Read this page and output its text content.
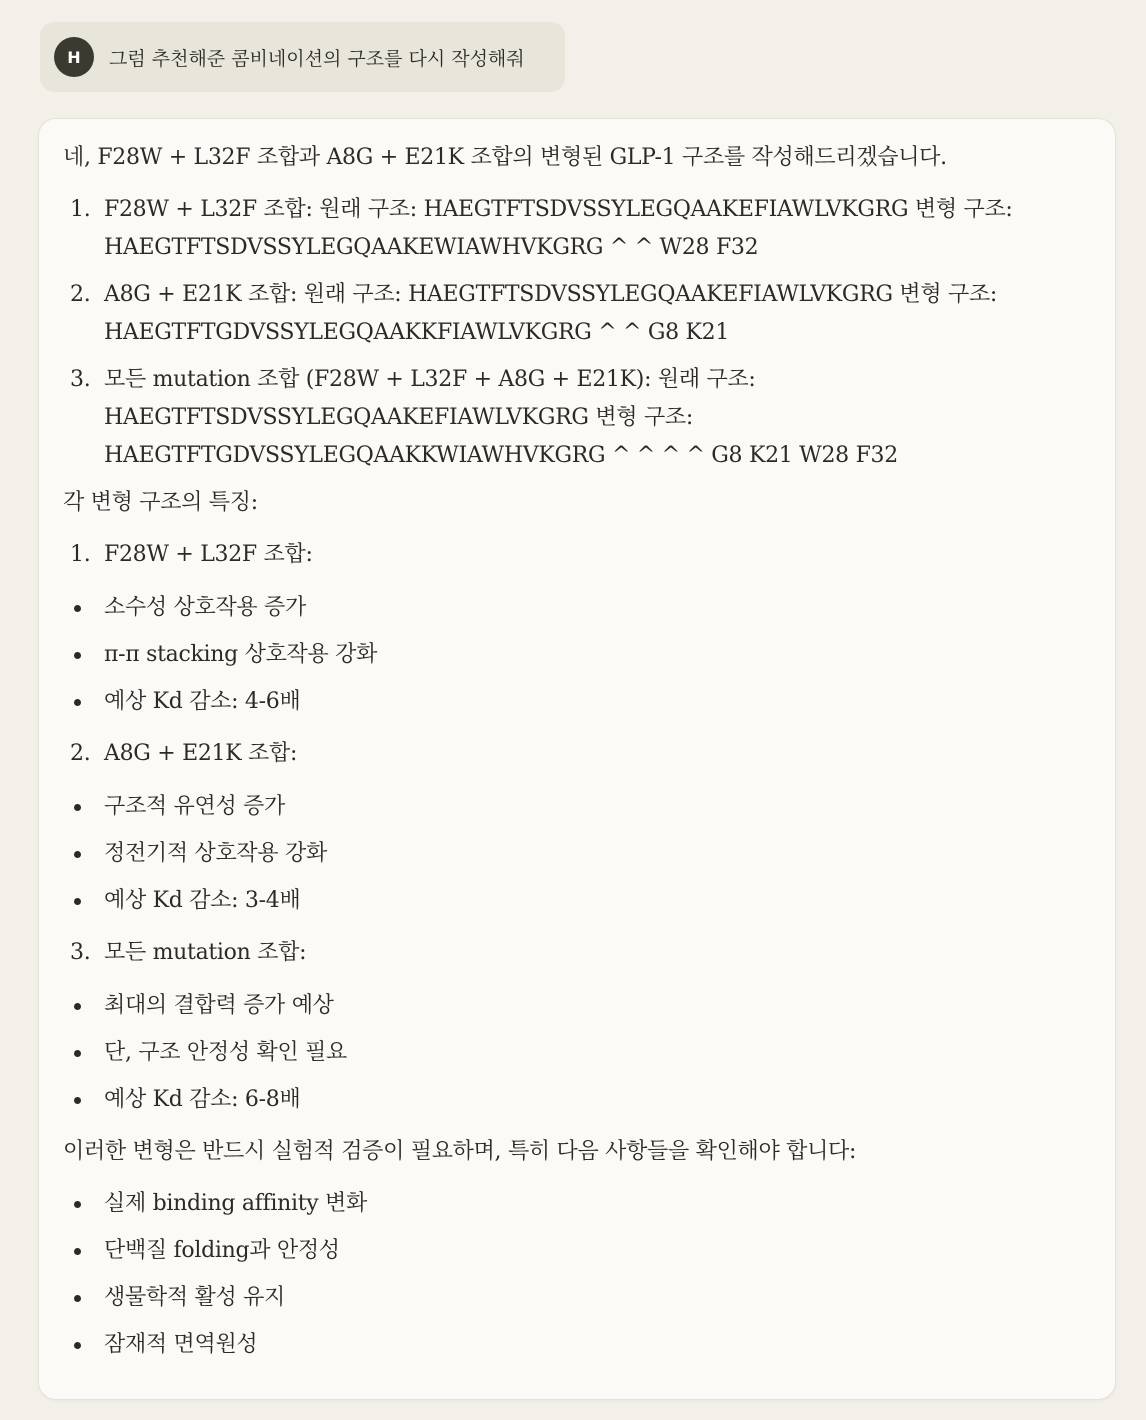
H	그럼 추천해준 콤비네이션의 구조를 다시 작성해줘

네, F28W + L32F 조합과 A8G + E21K 조합의 변형된 GLP-1 구조를 작성해드리겠습니다.

1. F28W + L32F 조합: 원래 구조: HAEGTFTSDVSSYLEGQAAKEFIAWLVKGRG 변형 구조:
HAEGTFTSDVSSYLEGQAAKEWIAWHVKGRG ^ ^ W28 F32
2. A8G + E21K 조합: 원래 구조: HAEGTFTSDVSSYLEGQAAKEFIAWLVKGRG 변형 구조:
HAEGTFTGDVSSYLEGQAAKKFIAWLVKGRG ^ ^ G8 K21
3. 모든 mutation 조합 (F28W + L32F + A8G + E21K): 원래 구조:
HAEGTFTSDVSSYLEGQAAKEFIAWLVKGRG 변형 구조:
HAEGTFTGDVSSYLEGQAAKKWIAWHVKGRG ^ ^ ^ ^ G8 K21 W28 F32

각 변형 구조의 특징:

1. F28W + L32F 조합:

소수성 상호작용 증가
π-π stacking 상호작용 강화
예상 Kd 감소: 4-6배

2. A8G + E21K 조합:

구조적 유연성 증가
정전기적 상호작용 강화
예상 Kd 감소: 3-4배

3. 모든 mutation 조합:

최대의 결합력 증가 예상
단, 구조 안정성 확인 필요
예상 Kd 감소: 6-8배

이러한 변형은 반드시 실험적 검증이 필요하며, 특히 다음 사항들을 확인해야 합니다:

실제 binding affinity 변화
단백질 folding과 안정성
생물학적 활성 유지
잠재적 면역원성
